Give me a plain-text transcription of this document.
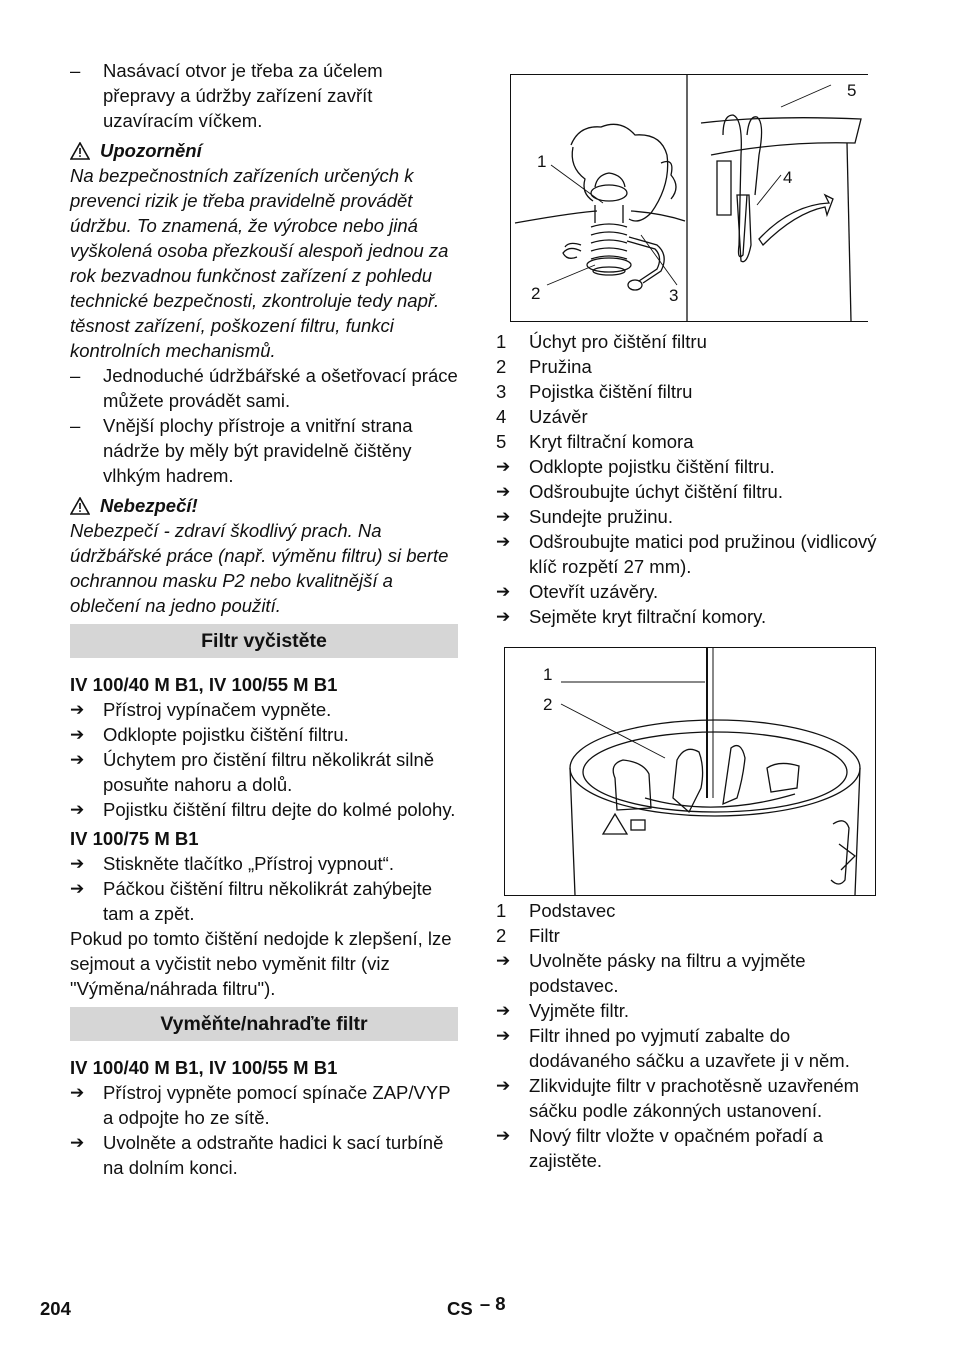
–	Nasávací otvor je třeba za účelem přepravy a údržby zařízení zavřít uzavíracím víčkem.
Upozornění

Na bezpečnostních zařízeních určených k prevenci rizik je třeba pravidelně provádět údržbu. To znamená, že výrobce nebo jiná vyškolená osoba přezkouší alespoň jednou za rok bezvadnou funkčnost zařízení z pohledu technické bezpečnosti, zkontroluje tedy např. těsnost zařízení, poškození filtru, funkci kontrolních mechanismů.

–	Jednoduché údržbářské a ošetřovací práce můžete provádět sami.
–	Vnější plochy přístroje a vnitřní strana nádrže by měly být pravidelně čištěny vlhkým hadrem.
Nebezpečí!

Nebezpečí - zdraví škodlivý prach. Na údržbářské práce (např. výměnu filtru) si berte ochrannou masku P2 nebo kvalitnější a oblečení na jedno použití.

Filtr vyčistěte
IV 100/40 M B1, IV 100/55 M B1
➔	Přístroj vypínačem vypněte.
➔	Odklopte pojistku čištění filtru.
➔	Úchytem pro čistění filtru několikrát silně posuňte nahoru a dolů.
➔	Pojistku čištění filtru dejte do kolmé polohy.
IV 100/75 M B1
➔	Stiskněte tlačítko „Přístroj vypnout“.
➔	Páčkou čištění filtru několikrát zahýbejte tam a zpět.

Pokud po tomto čištění nedojde k zlepšení, lze sejmout a vyčistit nebo vyměnit filtr (viz "Výměna/náhrada filtru").

Vyměňte/nahraďte filtr
IV 100/40 M B1, IV 100/55 M B1
➔	Přístroj vypněte pomocí spínače ZAP/VYP a odpojte ho ze sítě.
➔	Uvolněte a odstraňte hadici k sací turbíně na dolním konci.
1
2	3
4
5
1	Úchyt pro čištění filtru
2	Pružina
3	Pojistka čištění filtru
4	Uzávěr
5	Kryt filtrační komora
➔	Odklopte pojistku čištění filtru.
➔	Odšroubujte úchyt čištění filtru.
➔	Sundejte pružinu.
➔	Odšroubujte matici pod pružinou (vidlicový klíč rozpětí 27 mm).
➔	Otevřít uzávěry.
➔	Sejměte kryt filtrační komory.
1
2
1	Podstavec
2	Filtr
➔	Uvolněte pásky na filtru a vyjměte podstavec.
➔	Vyjměte filtr.
➔	Filtr ihned po vyjmutí zabalte do dodávaného sáčku a uzavřete ji v něm.
➔	Zlikvidujte filtr v prachotěsně uzavřeném sáčku podle zákonných ustanovení.
➔	Nový filtr vložte v opačném pořadí a zajistěte.
204	CS – 8
